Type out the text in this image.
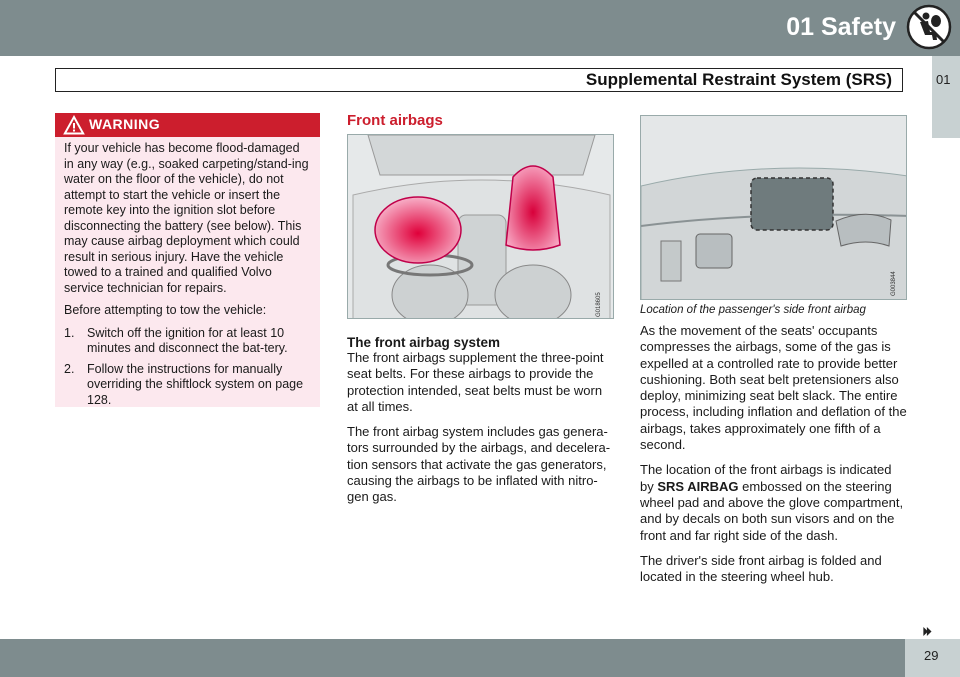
01 Safety
Supplemental Restraint System (SRS)	01
WARNING

If your vehicle has become flood-damaged in any way (e.g., soaked carpeting/stand-ing water on the floor of the vehicle), do not attempt to start the vehicle or insert the remote key into the ignition slot before disconnecting the battery (see below). This may cause airbag deployment which could result in serious injury. Have the vehicle towed to a trained and qualified Volvo service technician for repairs.

Before attempting to tow the vehicle:

1. Switch off the ignition for at least 10 minutes and disconnect the bat-tery.
2. Follow the instructions for manually overriding the shiftlock system on page 128.
Front airbags
G018605
The front airbag system

The front airbags supplement the three-point seat belts. For these airbags to provide the protection intended, seat belts must be worn at all times.

The front airbag system includes gas genera-tors surrounded by the airbags, and decelera-tion sensors that activate the gas generators, causing the airbags to be inflated with nitro-gen gas.

G003844
Location of the passenger's side front airbag

As the movement of the seats' occupants compresses the airbags, some of the gas is expelled at a controlled rate to provide better cushioning. Both seat belt pretensioners also deploy, minimizing seat belt slack. The entire process, including inflation and deflation of the airbags, takes approximately one fifth of a second.

The location of the front airbags is indicated by SRS AIRBAG embossed on the steering wheel pad and above the glove compartment, and by decals on both sun visors and on the front and far right side of the dash.

The driver's side front airbag is folded and located in the steering wheel hub.

⏵⏵
29
